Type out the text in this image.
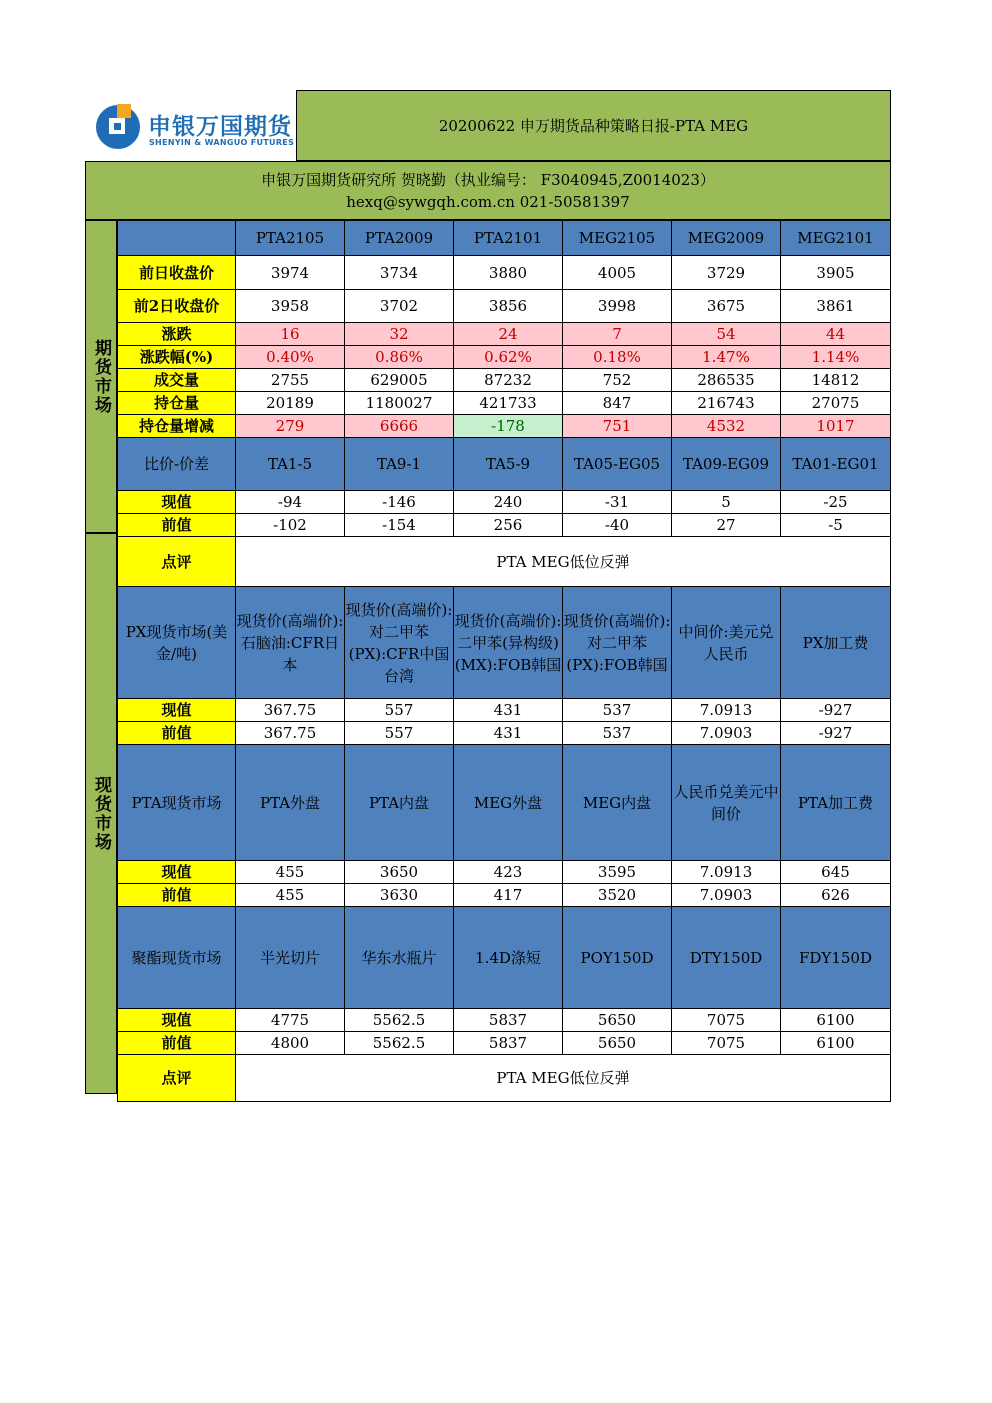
申银万国期货
SHENYIN & WANGUO FUTURES
20200622 申万期货品种策略日报-PTA MEG
申银万国期货研究所 贺晓勤（执业编号： F3040945,Z0014023）
hexq@sywgqh.com.cn 021-50581397
期货市场
现货市场
	PTA2105	PTA2009	PTA2101	MEG2105	MEG2009	MEG2101
前日收盘价	3974	3734	3880	4005	3729	3905
前2日收盘价	3958	3702	3856	3998	3675	3861
涨跌	16	32	24	7	54	44
涨跌幅(%)	0.40%	0.86%	0.62%	0.18%	1.47%	1.14%
成交量	2755	629005	87232	752	286535	14812
持仓量	20189	1180027	421733	847	216743	27075
持仓量增减	279	6666	-178	751	4532	1017
比价-价差	TA1-5	TA9-1	TA5-9	TA05-EG05	TA09-EG09	TA01-EG01
现值	-94	-146	240	-31	5	-25
前值	-102	-154	256	-40	27	-5
点评	PTA MEG低位反弹					
PX现货市场(美金/吨)	现货价(高端价):石脑油:CFR日本	现货价(高端价):对二甲苯(PX):CFR中国台湾	现货价(高端价):二甲苯(异构级)(MX):FOB韩国	现货价(高端价):对二甲苯(PX):FOB韩国	中间价:美元兑人民币	PX加工费
现值	367.75	557	431	537	7.0913	-927
前值	367.75	557	431	537	7.0903	-927
PTA现货市场	PTA外盘	PTA内盘	MEG外盘	MEG内盘	人民币兑美元中间价	PTA加工费
现值	455	3650	423	3595	7.0913	645
前值	455	3630	417	3520	7.0903	626
聚酯现货市场	半光切片	华东水瓶片	1.4D涤短	POY150D	DTY150D	FDY150D
现值	4775	5562.5	5837	5650	7075	6100
前值	4800	5562.5	5837	5650	7075	6100
点评	PTA MEG低位反弹					
